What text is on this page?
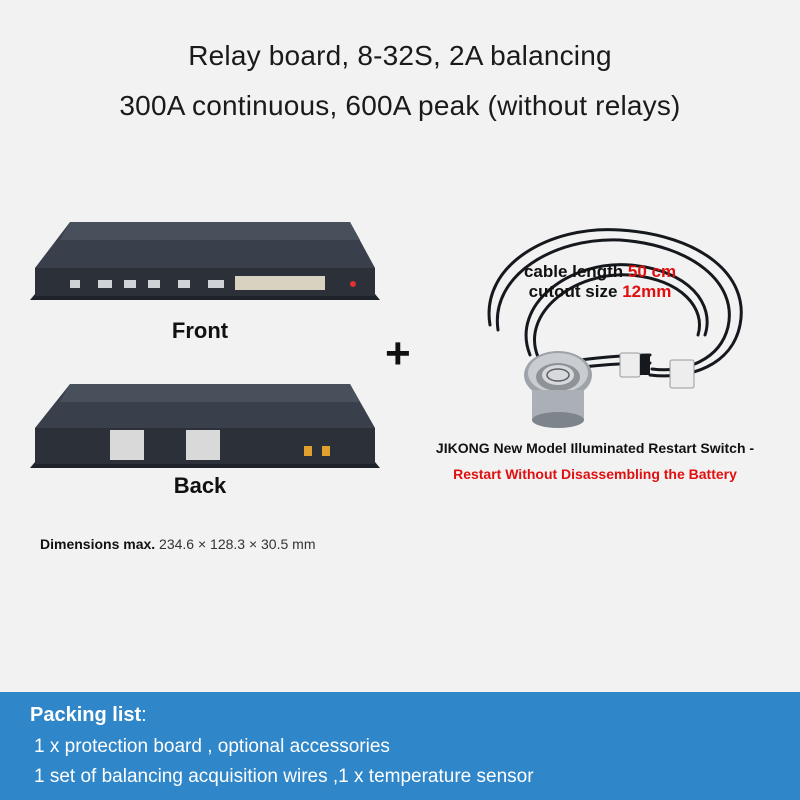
Relay board, 8-32S, 2A balancing
300A continuous, 600A peak (without relays)
Front
Back
Dimensions max. 234.6 × 128.3 × 30.5 mm
+
cable length 50 cm
cutout size 12mm
JIKONG New Model Illuminated Restart Switch -
Restart Without Disassembling the Battery
Packing list:
1 x protection board , optional accessories
1 set of balancing acquisition wires ,1 x temperature sensor
